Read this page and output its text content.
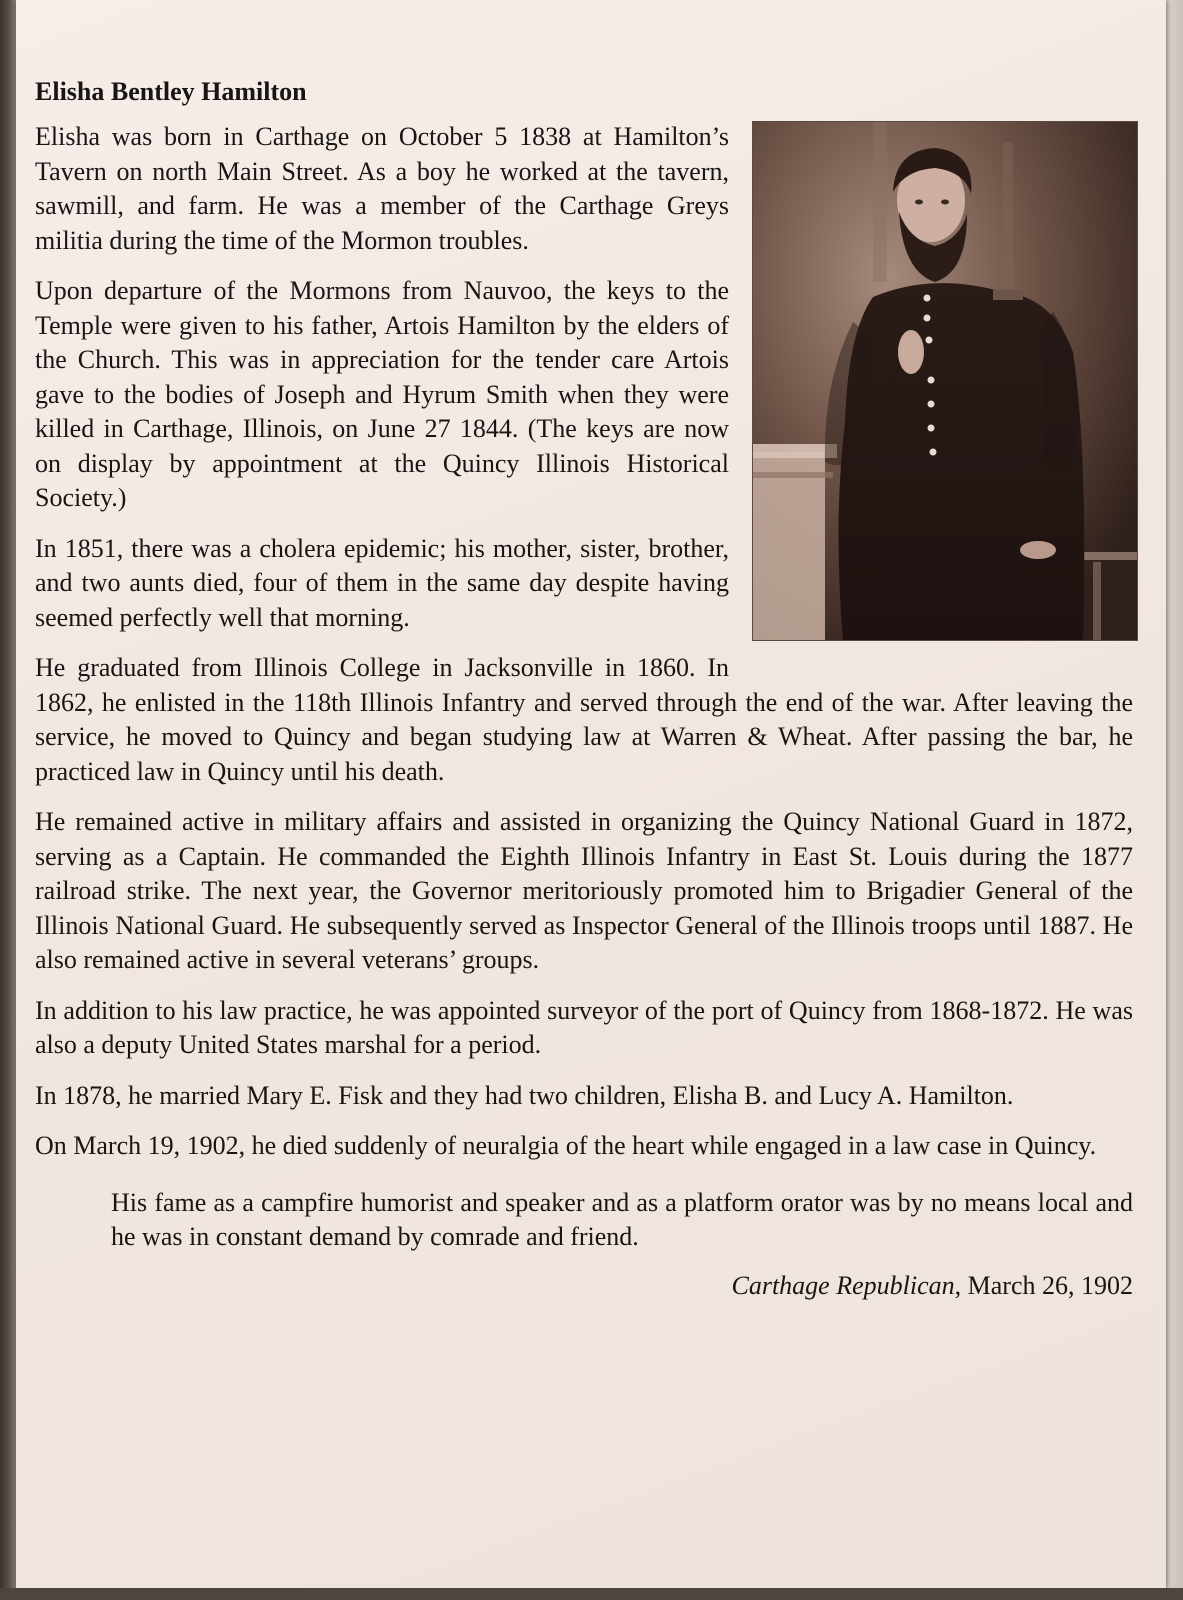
Elisha Bentley Hamilton

Elisha was born in Carthage on October 5 1838 at Hamilton’s Tavern on north Main Street. As a boy he worked at the tavern, sawmill, and farm. He was a member of the Carthage Greys militia during the time of the Mormon troubles.

Upon departure of the Mormons from Nauvoo, the keys to the Temple were given to his father, Artois Hamilton by the elders of the Church. This was in appreciation for the tender care Artois gave to the bodies of Joseph and Hyrum Smith when they were killed in Carthage, Illinois, on June 27 1844. (The keys are now on display by appointment at the Quincy Illinois Historical Society.)

In 1851, there was a cholera epidemic; his mother, sister, brother, and two aunts died, four of them in the same day despite having seemed perfectly well that morning.

He graduated from Illinois College in Jacksonville in 1860. In 1862, he enlisted in the 118th Illinois Infantry and served through the end of the war. After leaving the service, he moved to Quincy and began studying law at Warren & Wheat. After passing the bar, he practiced law in Quincy until his death.

He remained active in military affairs and assisted in organizing the Quincy National Guard in 1872, serving as a Captain. He commanded the Eighth Illinois Infantry in East St. Louis during the 1877 railroad strike. The next year, the Governor meritoriously promoted him to Brigadier General of the Illinois National Guard. He subsequently served as Inspector General of the Illinois troops until 1887. He also remained active in several veterans’ groups.

In addition to his law practice, he was appointed surveyor of the port of Quincy from 1868-1872. He was also a deputy United States marshal for a period.

In 1878, he married Mary E. Fisk and they had two children, Elisha B. and Lucy A. Hamilton.

On March 19, 1902, he died suddenly of neuralgia of the heart while engaged in a law case in Quincy.

His fame as a campfire humorist and speaker and as a platform orator was by no means local and he was in constant demand by comrade and friend.

Carthage Republican, March 26, 1902
